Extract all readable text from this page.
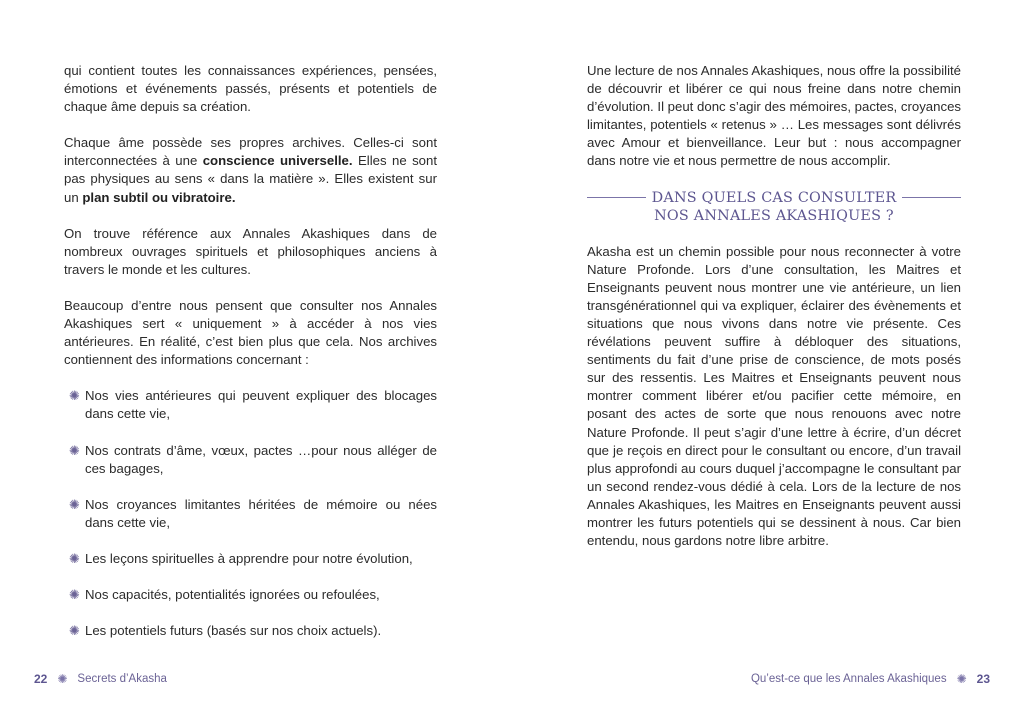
qui contient toutes les connaissances expériences, pensées, émotions et événements passés, présents et potentiels de chaque âme depuis sa création.

Chaque âme possède ses propres archives. Celles-ci sont interconnectées à une conscience universelle. Elles ne sont pas physiques au sens « dans la matière ». Elles existent sur un plan subtil ou vibratoire.

On trouve référence aux Annales Akashiques dans de nombreux ouvrages spirituels et philosophiques anciens à travers le monde et les cultures.

Beaucoup d’entre nous pensent que consulter nos Annales Akashiques sert « uniquement » à accéder à nos vies antérieures. En réalité, c’est bien plus que cela. Nos archives contiennent des informations concernant :

✺ Nos vies antérieures qui peuvent expliquer des blocages dans cette vie,
✺ Nos contrats d’âme, vœux, pactes …pour nous alléger de ces bagages,
✺ Nos croyances limitantes héritées de mémoire ou nées dans cette vie,
✺ Les leçons spirituelles à apprendre pour notre évolution,
✺ Nos capacités, potentialités ignorées ou refoulées,
✺ Les potentiels futurs (basés sur nos choix actuels).
22 ✺ Secrets d’Akasha

Une lecture de nos Annales Akashiques, nous offre la possibilité de découvrir et libérer ce qui nous freine dans notre chemin d’évolution. Il peut donc s’agir des mémoires, pactes, croyances limitantes, potentiels « retenus » … Les messages sont délivrés avec Amour et bienveillance. Leur but : nous accompagner dans notre vie et nous permettre de nous accomplir.

DANS QUELS CAS CONSULTER
NOS ANNALES AKASHIQUES ?

Akasha est un chemin possible pour nous reconnecter à votre Nature Profonde. Lors d’une consultation, les Maitres et Enseignants peuvent nous montrer une vie antérieure, un lien transgénérationnel qui va expliquer, éclairer des évènements et situations que nous vivons dans notre vie présente. Ces révélations peuvent suffire à débloquer des situations, sentiments du fait d’une prise de conscience, de mots posés sur des ressentis. Les Maitres et Enseignants peuvent nous montrer comment libérer et/ou pacifier cette mémoire, en posant des actes de sorte que nous renouons avec notre Nature Profonde. Il peut s’agir d’une lettre à écrire, d’un décret que je reçois en direct pour le consultant ou encore, d’un travail plus approfondi au cours duquel j’accompagne le consultant par un second rendez-vous dédié à cela. Lors de la lecture de nos Annales Akashiques, les Maitres en Enseignants peuvent aussi montrer les futurs potentiels qui se dessinent à nous. Car bien entendu, nous gardons notre libre arbitre.

Qu’est-ce que les Annales Akashiques ✺ 23
